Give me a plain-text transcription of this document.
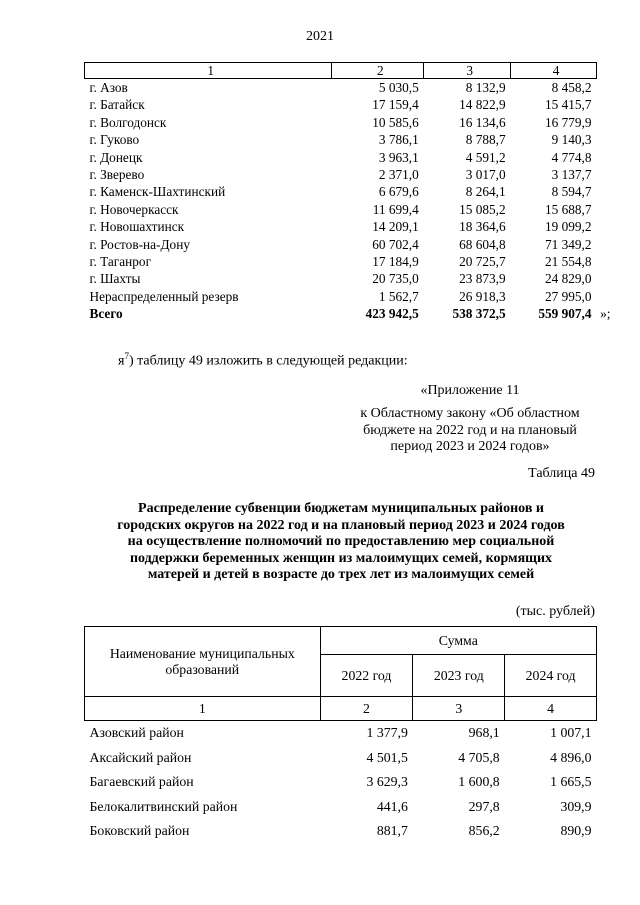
2021
1	2	3	4
г. Азов	5 030,5	8 132,9	8 458,2
г. Батайск	17 159,4	14 822,9	15 415,7
г. Волгодонск	10 585,6	16 134,6	16 779,9
г. Гуково	3 786,1	8 788,7	9 140,3
г. Донецк	3 963,1	4 591,2	4 774,8
г. Зверево	2 371,0	3 017,0	3 137,7
г. Каменск-Шахтинский	6 679,6	8 264,1	8 594,7
г. Новочеркасск	11 699,4	15 085,2	15 688,7
г. Новошахтинск	14 209,1	18 364,6	19 099,2
г. Ростов-на-Дону	60 702,4	68 604,8	71 349,2
г. Таганрог	17 184,9	20 725,7	21 554,8
г. Шахты	20 735,0	23 873,9	24 829,0
Нераспределенный резерв	1 562,7	26 918,3	27 995,0
Всего	423 942,5	538 372,5	559 907,4 »;
$я^7$) таблицу 49 изложить в следующей редакции:
«Приложение 11
к Областному закону «Об областном
бюджете на 2022 год и на плановый
период 2023 и 2024 годов»
Таблица 49
Распределение субвенции бюджетам муниципальных районов и
городских округов на 2022 год и на плановый период 2023 и 2024 годов
на осуществление полномочий по предоставлению мер социальной
поддержки беременных женщин из малоимущих семей, кормящих
матерей и детей в возрасте до трех лет из малоимущих семей
(тыс. рублей)
Наименование муниципальных
образований	Сумма		
	2022 год	2023 год	2024 год
1	2	3	4
Азовский район	1 377,9	968,1	1 007,1
Аксайский район	4 501,5	4 705,8	4 896,0
Багаевский район	3 629,3	1 600,8	1 665,5
Белокалитвинский район	441,6	297,8	309,9
Боковский район	881,7	856,2	890,9
